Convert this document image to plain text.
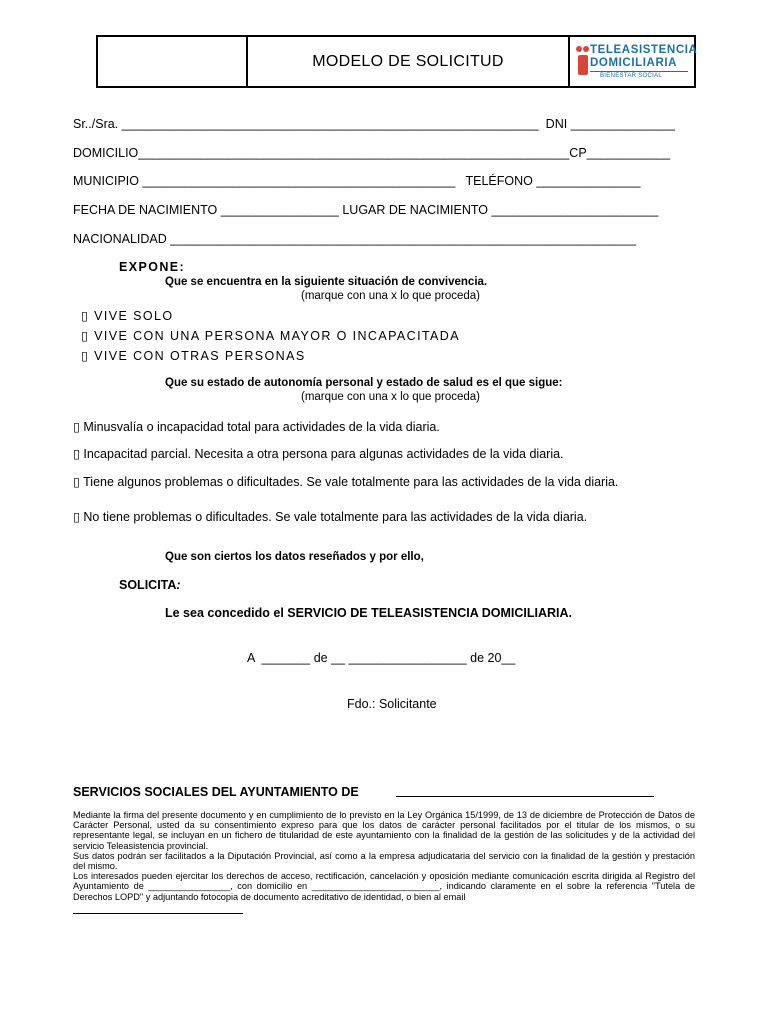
MODELO DE SOLICITUD
TELEASISTENCIA
DOMICILIARIA
BIENESTAR SOCIAL
Sr../Sra. ____________________________________________________________  DNI _______________
DOMICILIO______________________________________________________________CP____________
MUNICIPIO _____________________________________________   TELÉFONO _______________
FECHA DE NACIMIENTO _________________ LUGAR DE NACIMIENTO ________________________
NACIONALIDAD ___________________________________________________________________
EXPONE:
Que se encuentra en la siguiente situación de convivencia.
(marque con una x lo que proceda)
▯ VIVE SOLO
▯ VIVE CON UNA PERSONA MAYOR O INCAPACITADA
▯ VIVE CON OTRAS PERSONAS
Que su estado de autonomía personal y estado de salud es el que sigue:
(marque con una x lo que proceda)
▯ Minusvalía o incapacidad total para actividades de la vida diaria.
▯ Incapacitad parcial. Necesita a otra persona para algunas actividades de la vida diaria.
▯ Tiene algunos problemas o dificultades. Se vale totalmente para las actividades de la vida diaria.
▯ No tiene problemas o dificultades. Se vale totalmente para las actividades de la vida diaria.
Que son ciertos los datos reseñados y por ello,
SOLICITA:
Le sea concedido el SERVICIO DE TELEASISTENCIA DOMICILIARIA.
A  _______ de __ _________________ de 20__
Fdo.: Solicitante
SERVICIOS SOCIALES DEL AYUNTAMIENTO DE

Mediante la firma del presente documento y en cumplimiento de lo previsto en la Ley Orgánica 15/1999, de 13 de diciembre de Protección de Datos de Carácter Personal, usted da su consentimiento expreso para que los datos de carácter personal facilitados por el titular de los mismos, o su representante legal, se incluyan en un fichero de titularidad de este ayuntamiento con la finalidad de la gestión de las solicitudes y de la actividad del servicio Teleasistencia provincial.

Sus datos podrán ser facilitados a la Diputación Provincial, así como a la empresa adjudicataria del servicio con la finalidad de la gestión y prestación del mismo.

Los interesados pueden ejercitar los derechos de acceso, rectificación, cancelación y oposición mediante comunicación escrita dirigida al Registro del Ayuntamiento de ________________, con domicilio en _________________________, indicando claramente en el sobre la referencia "Tutela de Derechos LOPD" y adjuntando fotocopia de documento acreditativo de identidad, o bien al email
